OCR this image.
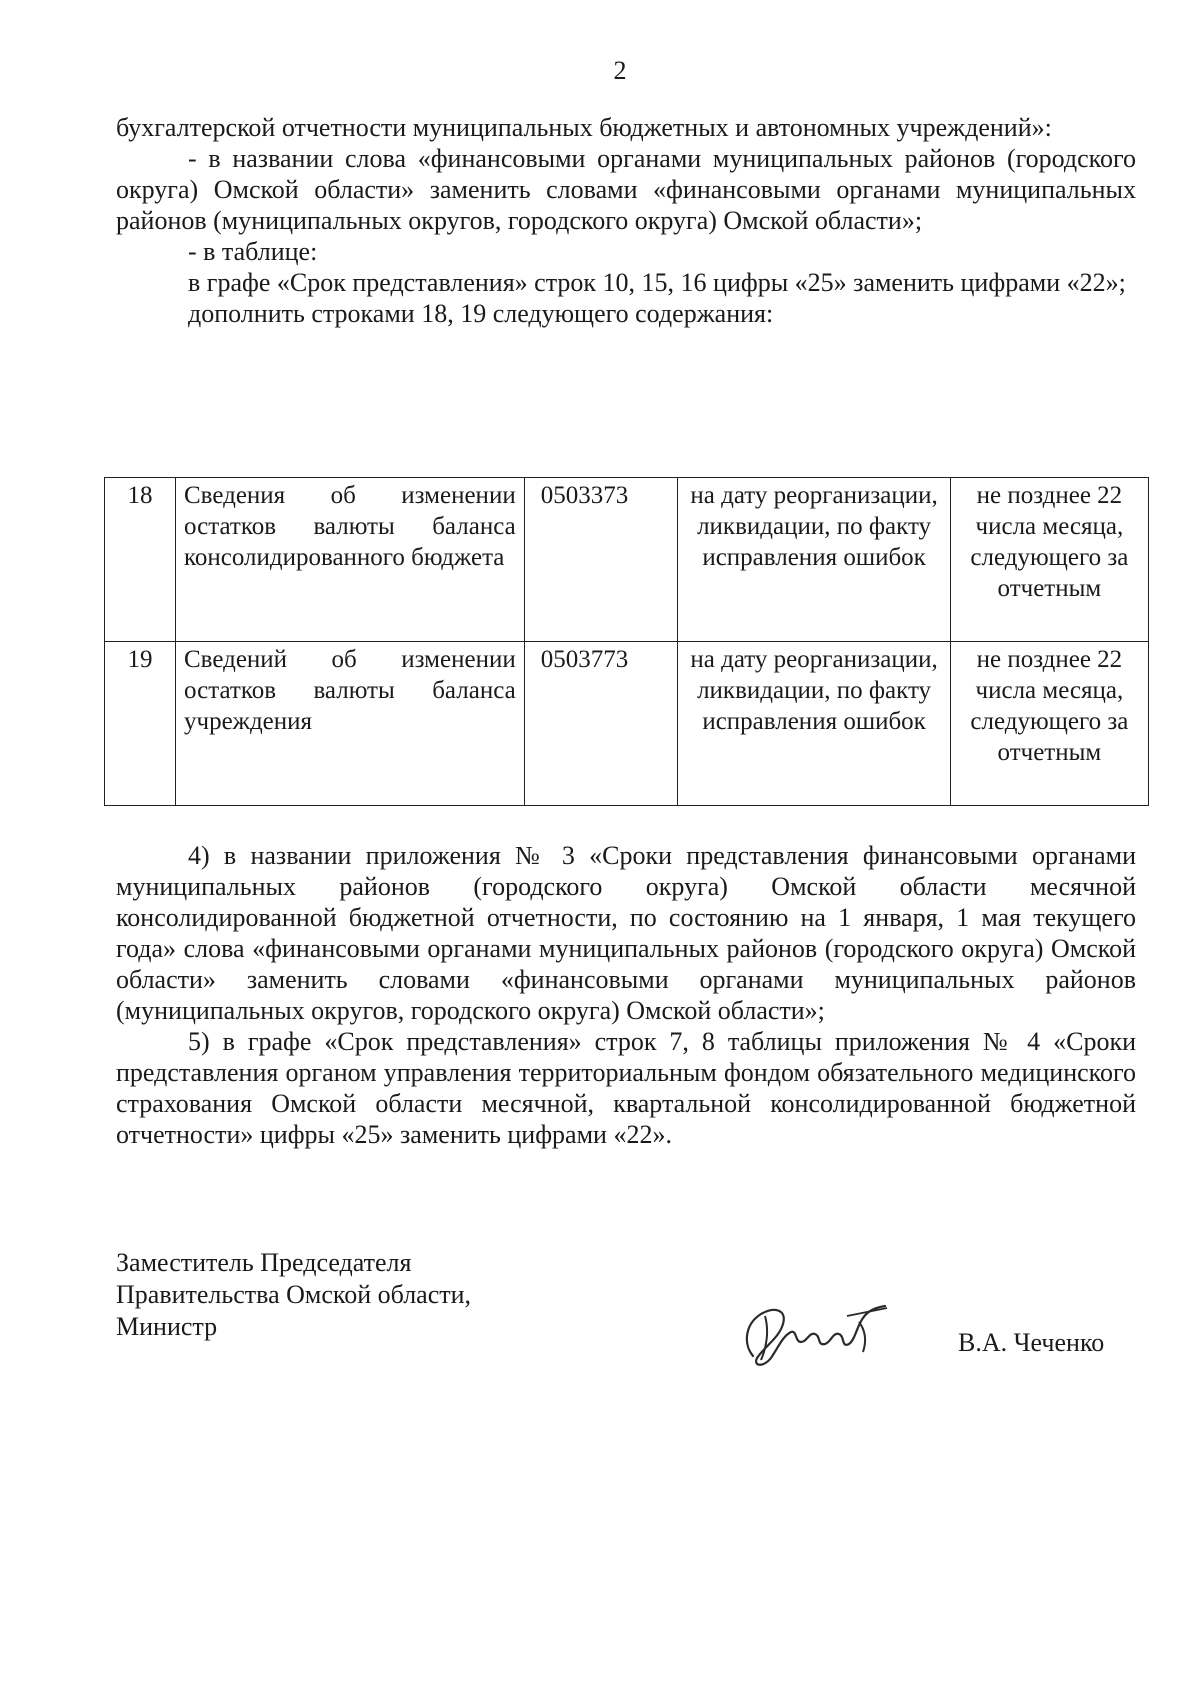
2

бухгалтерской отчетности муниципальных бюджетных и автономных учреждений»:

- в названии слова «финансовыми органами муниципальных районов (городского округа) Омской области» заменить словами «финансовыми органами муниципальных районов (муниципальных округов, городского округа) Омской области»;

- в таблице:

в графе «Срок представления» строк 10, 15, 16 цифры «25» заменить цифрами «22»;

дополнить строками 18, 19 следующего содержания:

18	Сведения об изменении остатков валюты баланса консолидированного бюджета	0503373	на дату реорганизации, ликвидации, по факту исправления ошибок	не позднее 22 числа месяца, следующего за отчетным
19	Сведений об изменении остатков валюты баланса учреждения	0503773	на дату реорганизации, ликвидации, по факту исправления ошибок	не позднее 22 числа месяца, следующего за отчетным

4) в названии приложения № 3 «Сроки представления финансовыми органами муниципальных районов (городского округа) Омской области месячной консолидированной бюджетной отчетности, по состоянию на 1 января, 1 мая текущего года» слова «финансовыми органами муниципальных районов (городского округа) Омской области» заменить словами «финансовыми органами муниципальных районов (муниципальных округов, городского округа) Омской области»;

5) в графе «Срок представления» строк 7, 8 таблицы приложения № 4 «Сроки представления органом управления территориальным фондом обязательного медицинского страхования Омской области месячной, квартальной консолидированной бюджетной отчетности» цифры «25» заменить цифрами «22».

Заместитель Председателя
Правительства Омской области,
Министр
В.А. Чеченко
